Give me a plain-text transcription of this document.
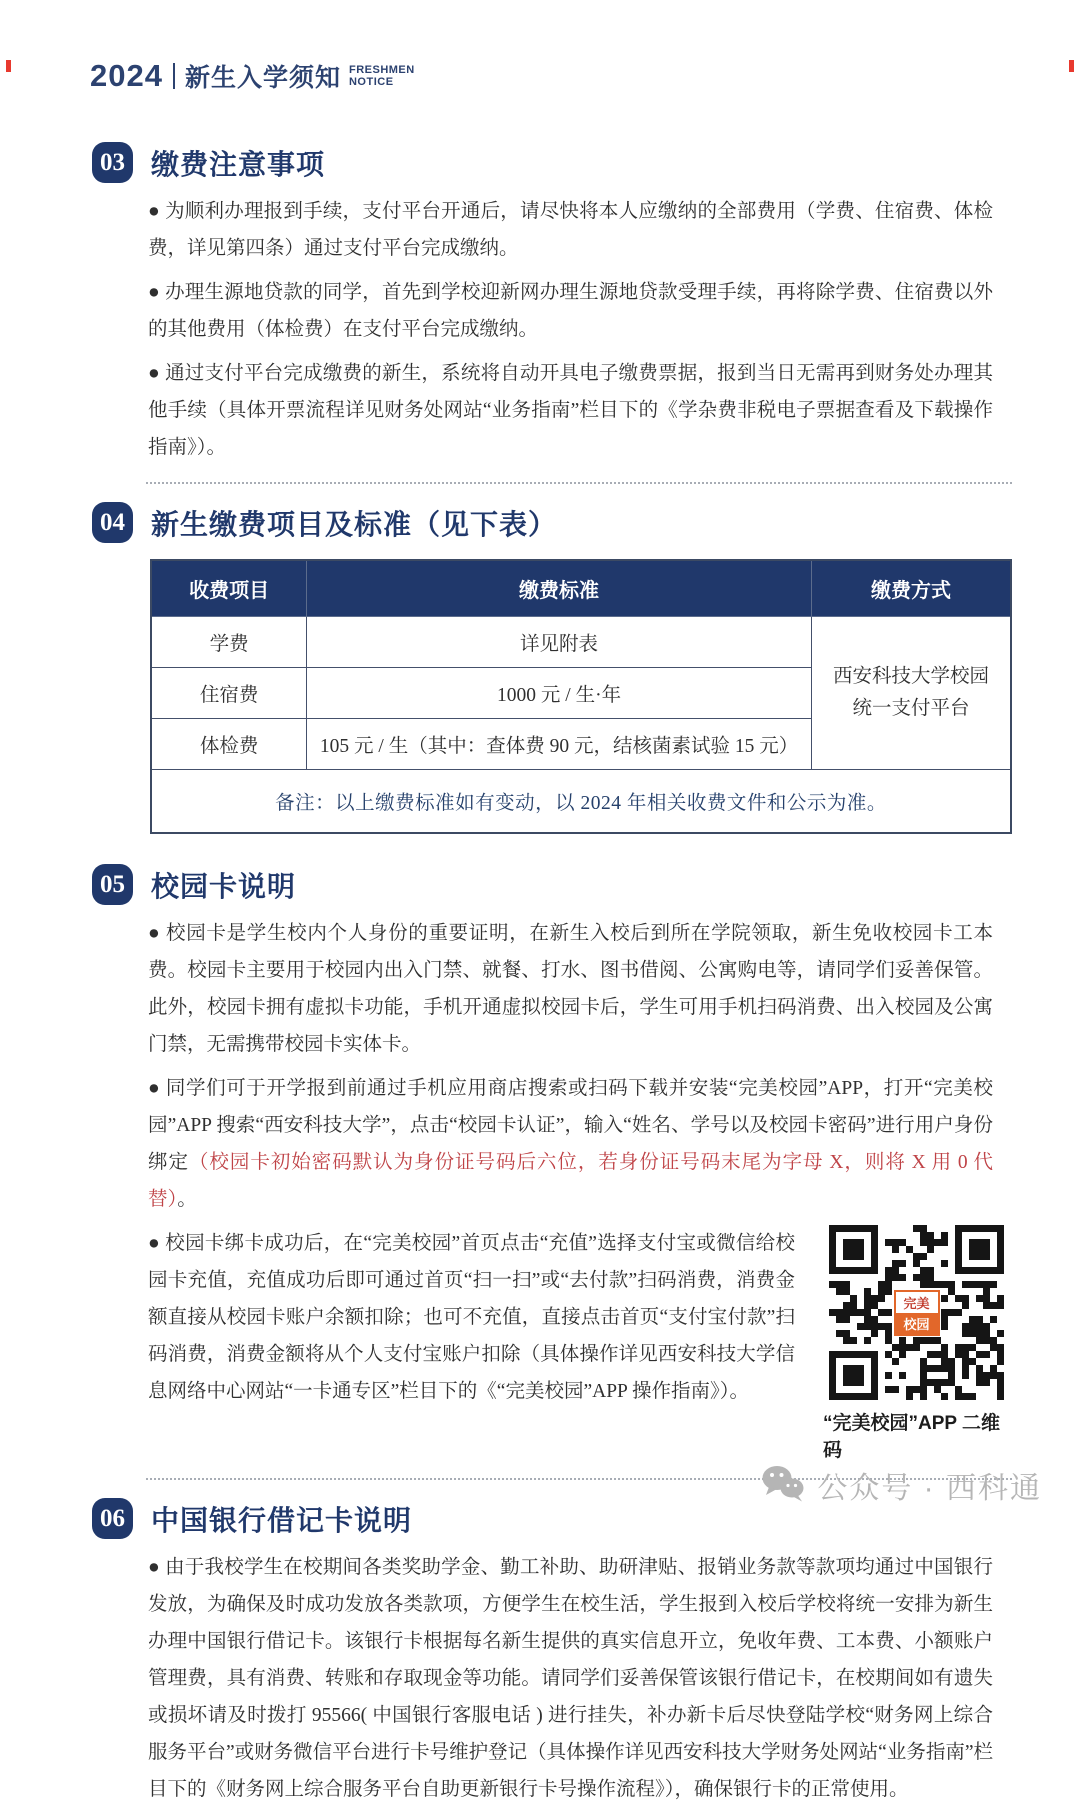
2024 新生入学须知 FRESHMEN
NOTICE
03 缴费注意事项

● 为顺利办理报到手续，支付平台开通后，请尽快将本人应缴纳的全部费用（学费、住宿费、体检费，详见第四条）通过支付平台完成缴纳。

● 办理生源地贷款的同学，首先到学校迎新网办理生源地贷款受理手续，再将除学费、住宿费以外的其他费用（体检费）在支付平台完成缴纳。

● 通过支付平台完成缴费的新生，系统将自动开具电子缴费票据，报到当日无需再到财务处办理其他手续（具体开票流程详见财务处网站“业务指南”栏目下的《学杂费非税电子票据查看及下载操作指南》）。

04 新生缴费项目及标准（见下表）
收费项目	缴费标准	缴费方式
学费	详见附表	西安科技大学校园
统一支付平台

住宿费	1000 元 / 生·年	
体检费	105 元 / 生（其中：查体费 90 元，结核菌素试验 15 元）	
备注：以上缴费标准如有变动，以 2024 年相关收费文件和公示为准。		
05 校园卡说明

● 校园卡是学生校内个人身份的重要证明，在新生入校后到所在学院领取，新生免收校园卡工本费。校园卡主要用于校园内出入门禁、就餐、打水、图书借阅、公寓购电等，请同学们妥善保管。此外，校园卡拥有虚拟卡功能，手机开通虚拟校园卡后，学生可用手机扫码消费、出入校园及公寓门禁，无需携带校园卡实体卡。

● 同学们可于开学报到前通过手机应用商店搜索或扫码下载并安装“完美校园”APP，打开“完美校园”APP 搜索“西安科技大学”，点击“校园卡认证”，输入“姓名、学号以及校园卡密码”进行用户身份绑定（校园卡初始密码默认为身份证号码后六位，若身份证号码末尾为字母 X，则将 X 用 0 代替）。

● 校园卡绑卡成功后，在“完美校园”首页点击“充值”选择支付宝或微信给校园卡充值，充值成功后即可通过首页“扫一扫”或“去付款”扫码消费，消费金额直接从校园卡账户余额扣除；也可不充值，直接点击首页“支付宝付款”扫码消费，消费金额将从个人支付宝账户扣除（具体操作详见西安科技大学信息网络中心网站“一卡通专区”栏目下的《“完美校园”APP 操作指南》）。

完美
校园
“完美校园”APP 二维码
06 中国银行借记卡说明

● 由于我校学生在校期间各类奖助学金、勤工补助、助研津贴、报销业务款等款项均通过中国银行发放，为确保及时成功发放各类款项，方便学生在校生活，学生报到入校后学校将统一安排为新生办理中国银行借记卡。该银行卡根据每名新生提供的真实信息开立，免收年费、工本费、小额账户管理费，具有消费、转账和存取现金等功能。请同学们妥善保管该银行借记卡，在校期间如有遗失或损坏请及时拨打 95566( 中国银行客服电话 ) 进行挂失，补办新卡后尽快登陆学校“财务网上综合服务平台”或财务微信平台进行卡号维护登记（具体操作详见西安科技大学财务处网站“业务指南”栏目下的《财务网上综合服务平台自助更新银行卡号操作流程》），确保银行卡的正常使用。

公众号 · 西科通
